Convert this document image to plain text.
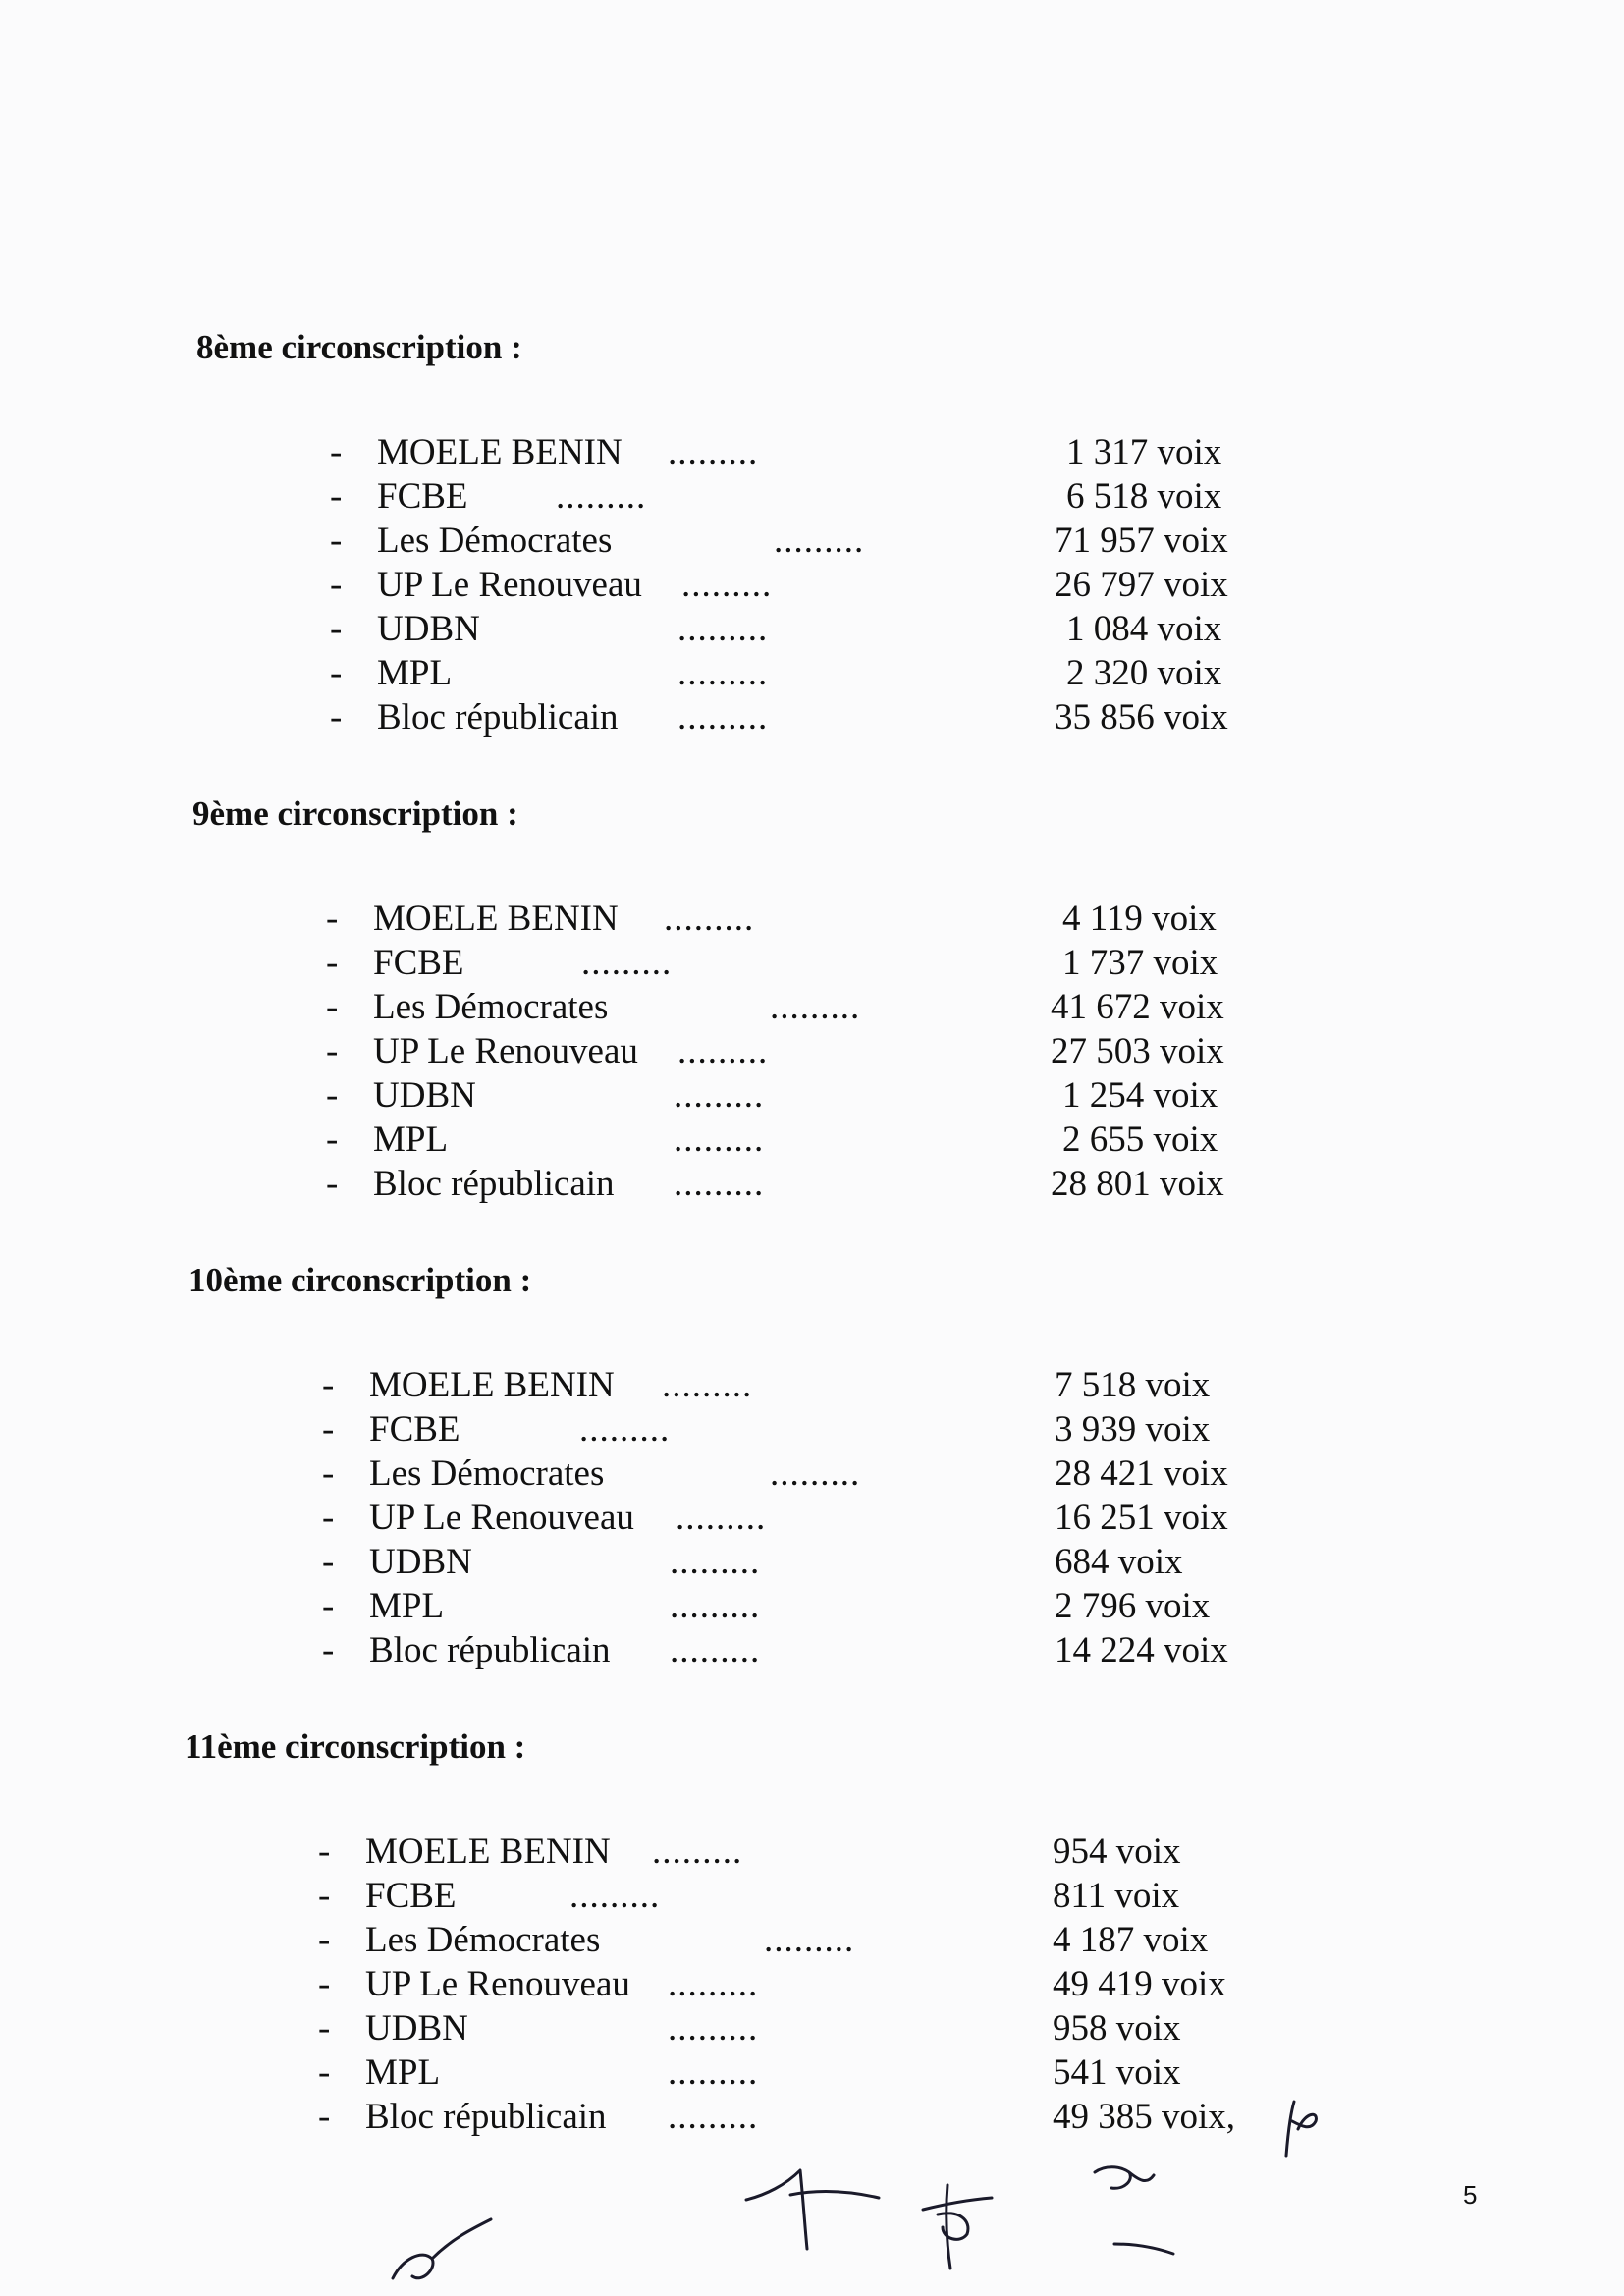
8ème circonscription :
- MOELE BENIN .........	1 317 voix
- FCBE .........	6 518 voix
- Les Démocrates	.........	71 957 voix
- UP Le Renouveau .........	26 797 voix
- UDBN	.........	1 084 voix
- MPL	.........	2 320 voix
- Bloc républicain .........	35 856 voix
9ème circonscription :
- MOELE BENIN .........	4 119 voix
- FCBE	.........	1 737 voix
- Les Démocrates	.........	41 672 voix
- UP Le Renouveau .........	27 503 voix
- UDBN	.........	1 254 voix
- MPL	.........	2 655 voix
- Bloc républicain .........	28 801 voix
10ème circonscription :
- MOELE BENIN .........	7 518 voix
- FCBE	.........	3 939 voix
- Les Démocrates	.........	28 421 voix
- UP Le Renouveau .........	16 251 voix
- UDBN	.........	684 voix
- MPL	.........	2 796 voix
- Bloc républicain .........	14 224 voix
11ème circonscription :
- MOELE BENIN .........	954 voix
- FCBE	.........	811 voix
- Les Démocrates	.........	4 187 voix
- UP Le Renouveau .........	49 419 voix
- UDBN	.........	958 voix
- MPL	.........	541 voix
- Bloc républicain .........	49 385 voix,
5
